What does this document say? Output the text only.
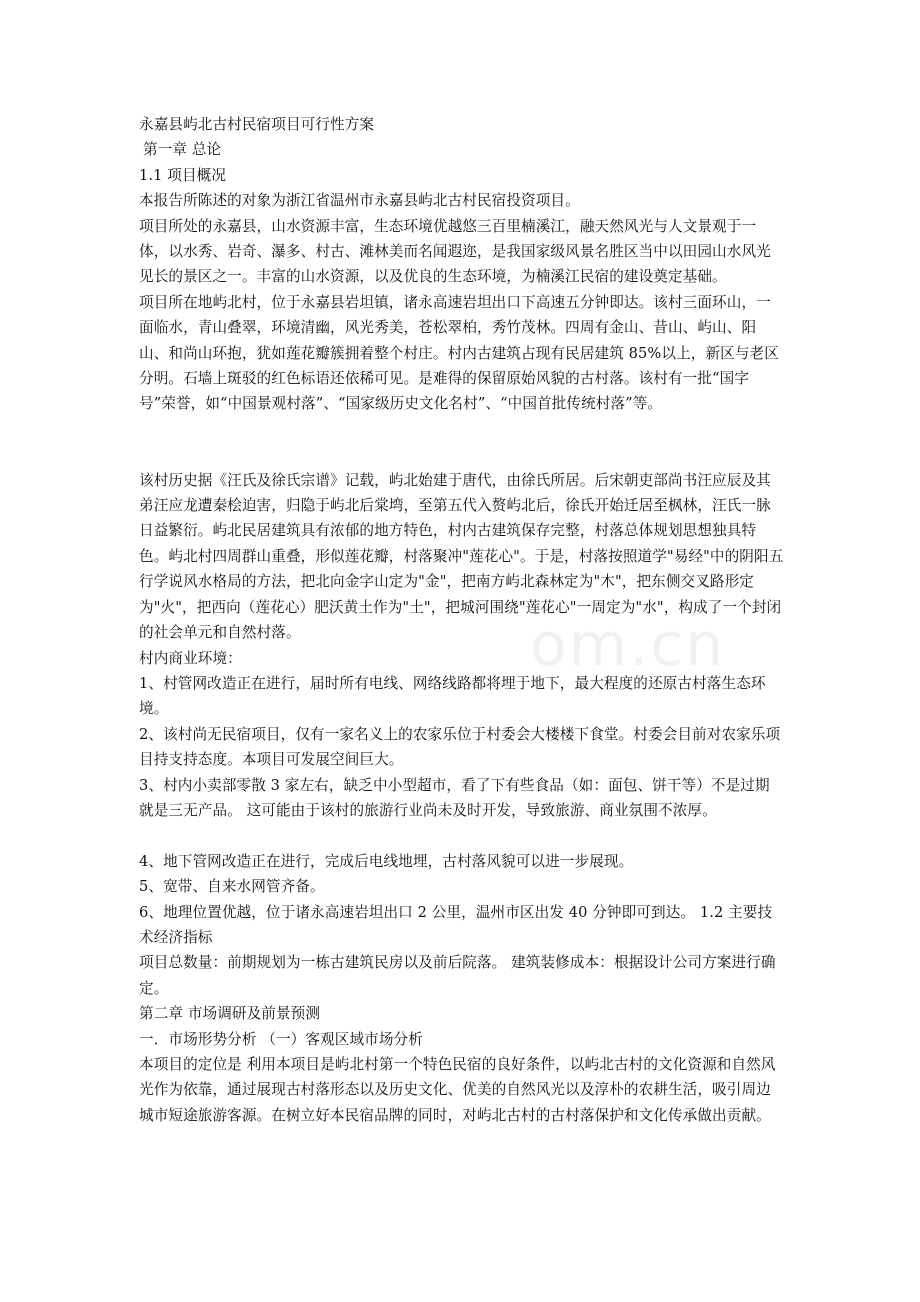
永嘉县屿北古村民宿项目可行性方案

第一章 总论

1.1 项目概况

本报告所陈述的对象为浙江省温州市永嘉县屿北古村民宿投资项目。

项目所处的永嘉县，山水资源丰富，生态环境优越悠三百里楠溪江，融天然风光与人文景观于一体，以水秀、岩奇、瀑多、村古、滩林美而名闻遐迩，是我国家级风景名胜区当中以田园山水风光见长的景区之一。丰富的山水资源，以及优良的生态环境，为楠溪江民宿的建设奠定基础。

项目所在地屿北村，位于永嘉县岩坦镇，诸永高速岩坦出口下高速五分钟即达。该村三面环山，一面临水，青山叠翠，环境清幽，风光秀美，苍松翠柏，秀竹茂林。四周有金山、昔山、屿山、阳山、和尚山环抱，犹如莲花瓣簇拥着整个村庄。村内古建筑占现有民居建筑 85%以上，新区与老区分明。石墙上斑驳的红色标语还依稀可见。是难得的保留原始风貌的古村落。该村有一批“国字号”荣誉，如“中国景观村落”、“国家级历史文化名村”、“中国首批传统村落”等。

该村历史据《汪氏及徐氏宗谱》记载，屿北始建于唐代，由徐氏所居。后宋朝吏部尚书汪应辰及其弟汪应龙遭秦桧迫害，归隐于屿北后棠塆，至第五代入赘屿北后，徐氏开始迁居至枫林，汪氏一脉日益繁衍。屿北民居建筑具有浓郁的地方特色，村内古建筑保存完整，村落总体规划思想独具特色。屿北村四周群山重叠，形似莲花瓣，村落聚冲"莲花心"。于是，村落按照道学"易经"中的阴阳五行学说风水格局的方法，把北向金字山定为"金"，把南方屿北森林定为"木"，把东侧交叉路形定为"火"，把西向（莲花心）肥沃黄土作为"土"，把城河围绕"莲花心"一周定为"水"，构成了一个封闭的社会单元和自然村落。

村内商业环境：

1、村管网改造正在进行，届时所有电线、网络线路都将埋于地下，最大程度的还原古村落生态环境。

2、该村尚无民宿项目，仅有一家名义上的农家乐位于村委会大楼楼下食堂。村委会目前对农家乐项目持支持态度。本项目可发展空间巨大。

3、村内小卖部零散 3 家左右，缺乏中小型超市，看了下有些食品（如：面包、饼干等）不是过期就是三无产品。 这可能由于该村的旅游行业尚未及时开发，导致旅游、商业氛围不浓厚。

4、地下管网改造正在进行，完成后电线地埋，古村落风貌可以进一步展现。

5、宽带、自来水网管齐备。

6、地理位置优越，位于诸永高速岩坦出口 2 公里，温州市区出发 40 分钟即可到达。 1.2 主要技术经济指标

项目总数量：前期规划为一栋古建筑民房以及前后院落。 建筑装修成本：根据设计公司方案进行确定。

第二章 市场调研及前景预测

一．市场形势分析 （一）客观区域市场分析

本项目的定位是 利用本项目是屿北村第一个特色民宿的良好条件，以屿北古村的文化资源和自然风光作为依靠，通过展现古村落形态以及历史文化、优美的自然风光以及淳朴的农耕生活，吸引周边城市短途旅游客源。在树立好本民宿品牌的同时，对屿北古村的古村落保护和文化传承做出贡献。

om.cn
